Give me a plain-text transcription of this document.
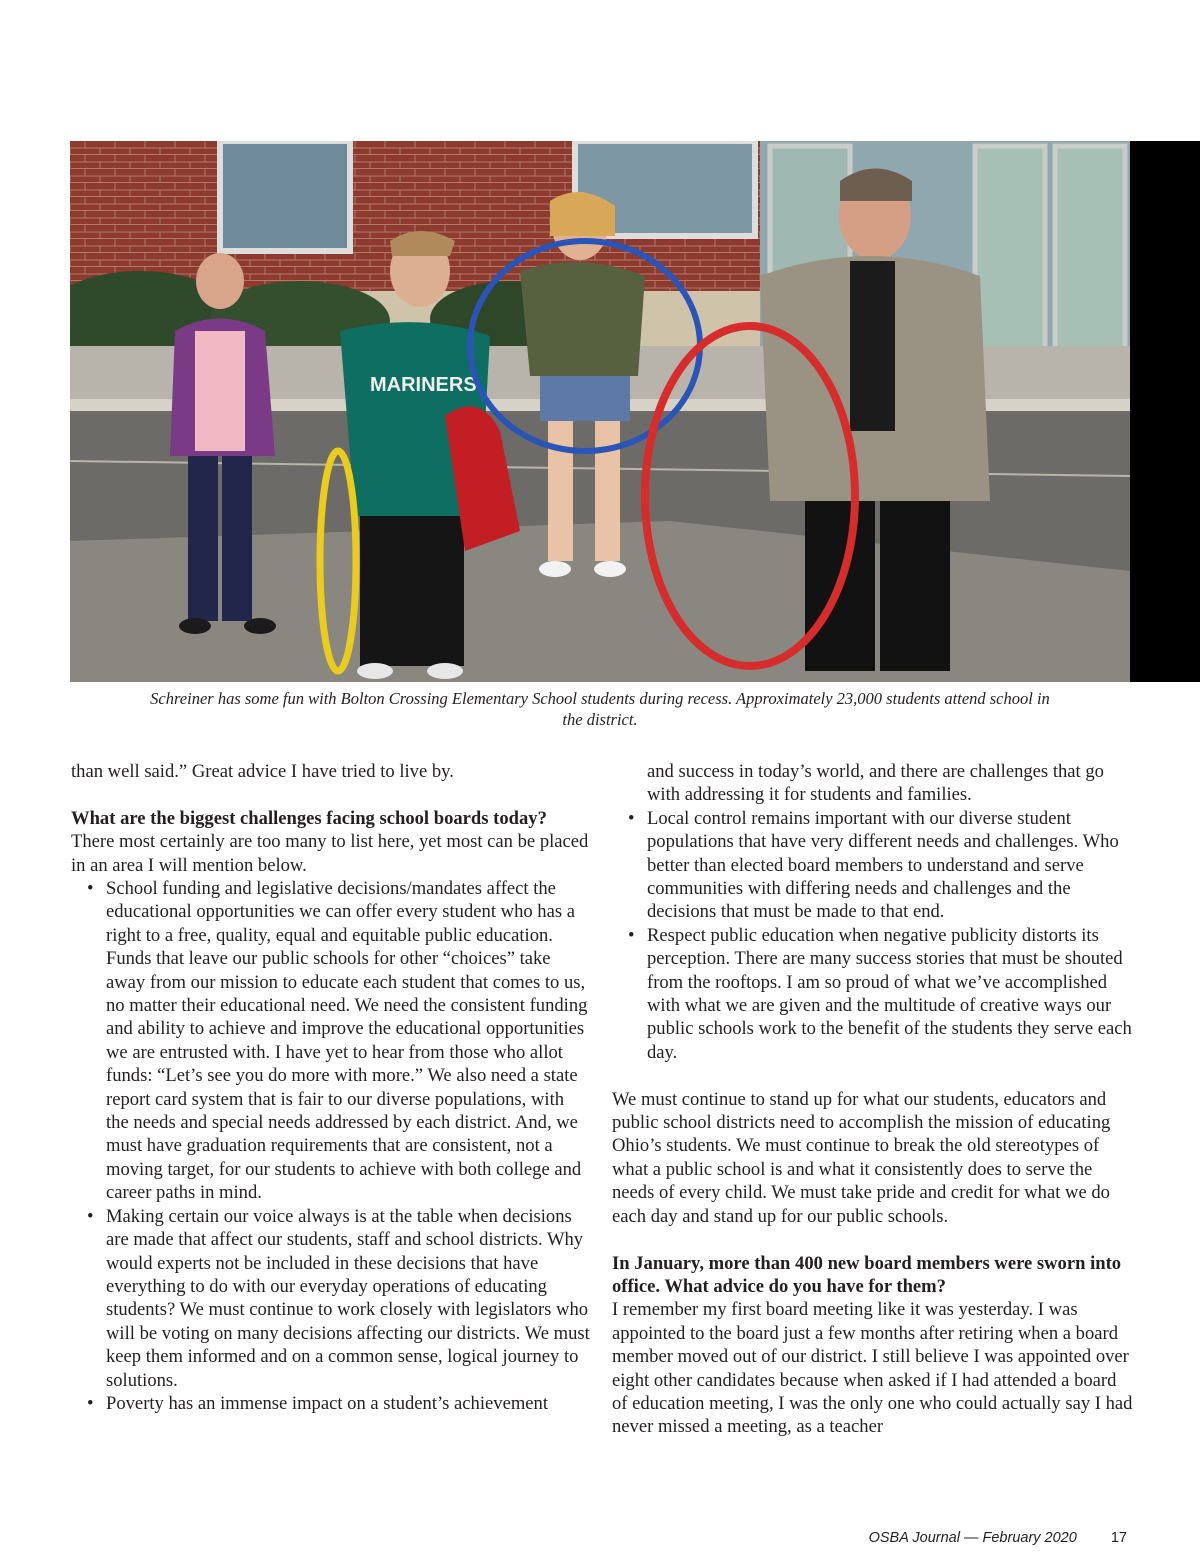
MARINERS
Schreiner has some fun with Bolton Crossing Elementary School students during recess. Approximately 23,000 students attend school in
the district.

than well said.” Great advice I have tried to live by.

What are the biggest challenges facing school boards today?

There most certainly are too many to list here, yet most can be placed in an area I will mention below.

• School funding and legislative decisions/mandates affect the educational opportunities we can offer every student who has a right to a free, quality, equal and equitable public education. Funds that leave our public schools for other “choices” take away from our mission to educate each student that comes to us, no matter their educational need. We need the consistent funding and ability to achieve and improve the educational opportunities we are entrusted with. I have yet to hear from those who allot funds: “Let’s see you do more with more.” We also need a state report card system that is fair to our diverse populations, with the needs and special needs addressed by each district. And, we must have graduation requirements that are consistent, not a moving target, for our students to achieve with both college and career paths in mind.
• Making certain our voice always is at the table when decisions are made that affect our students, staff and school districts. Why would experts not be included in these decisions that have everything to do with our everyday operations of educating students? We must continue to work closely with legislators who will be voting on many decisions affecting our districts. We must keep them informed and on a common sense, logical journey to solutions.
• Poverty has an immense impact on a student’s achievement

and success in today’s world, and there are challenges that go with addressing it for students and families.

• Local control remains important with our diverse student populations that have very different needs and challenges. Who better than elected board members to understand and serve communities with differing needs and challenges and the decisions that must be made to that end.
• Respect public education when negative publicity distorts its perception. There are many success stories that must be shouted from the rooftops. I am so proud of what we’ve accomplished with what we are given and the multitude of creative ways our public schools work to the benefit of the students they serve each day.

We must continue to stand up for what our students, educators and public school districts need to accomplish the mission of educating Ohio’s students. We must continue to break the old stereotypes of what a public school is and what it consistently does to serve the needs of every child. We must take pride and credit for what we do each day and stand up for our public schools.

In January, more than 400 new board members were sworn into office. What advice do you have for them?

I remember my first board meeting like it was yesterday. I was appointed to the board just a few months after retiring when a board member moved out of our district. I still believe I was appointed over eight other candidates because when asked if I had attended a board of education meeting, I was the only one who could actually say I had never missed a meeting, as a teacher

OSBA Journal — February 2020 17
